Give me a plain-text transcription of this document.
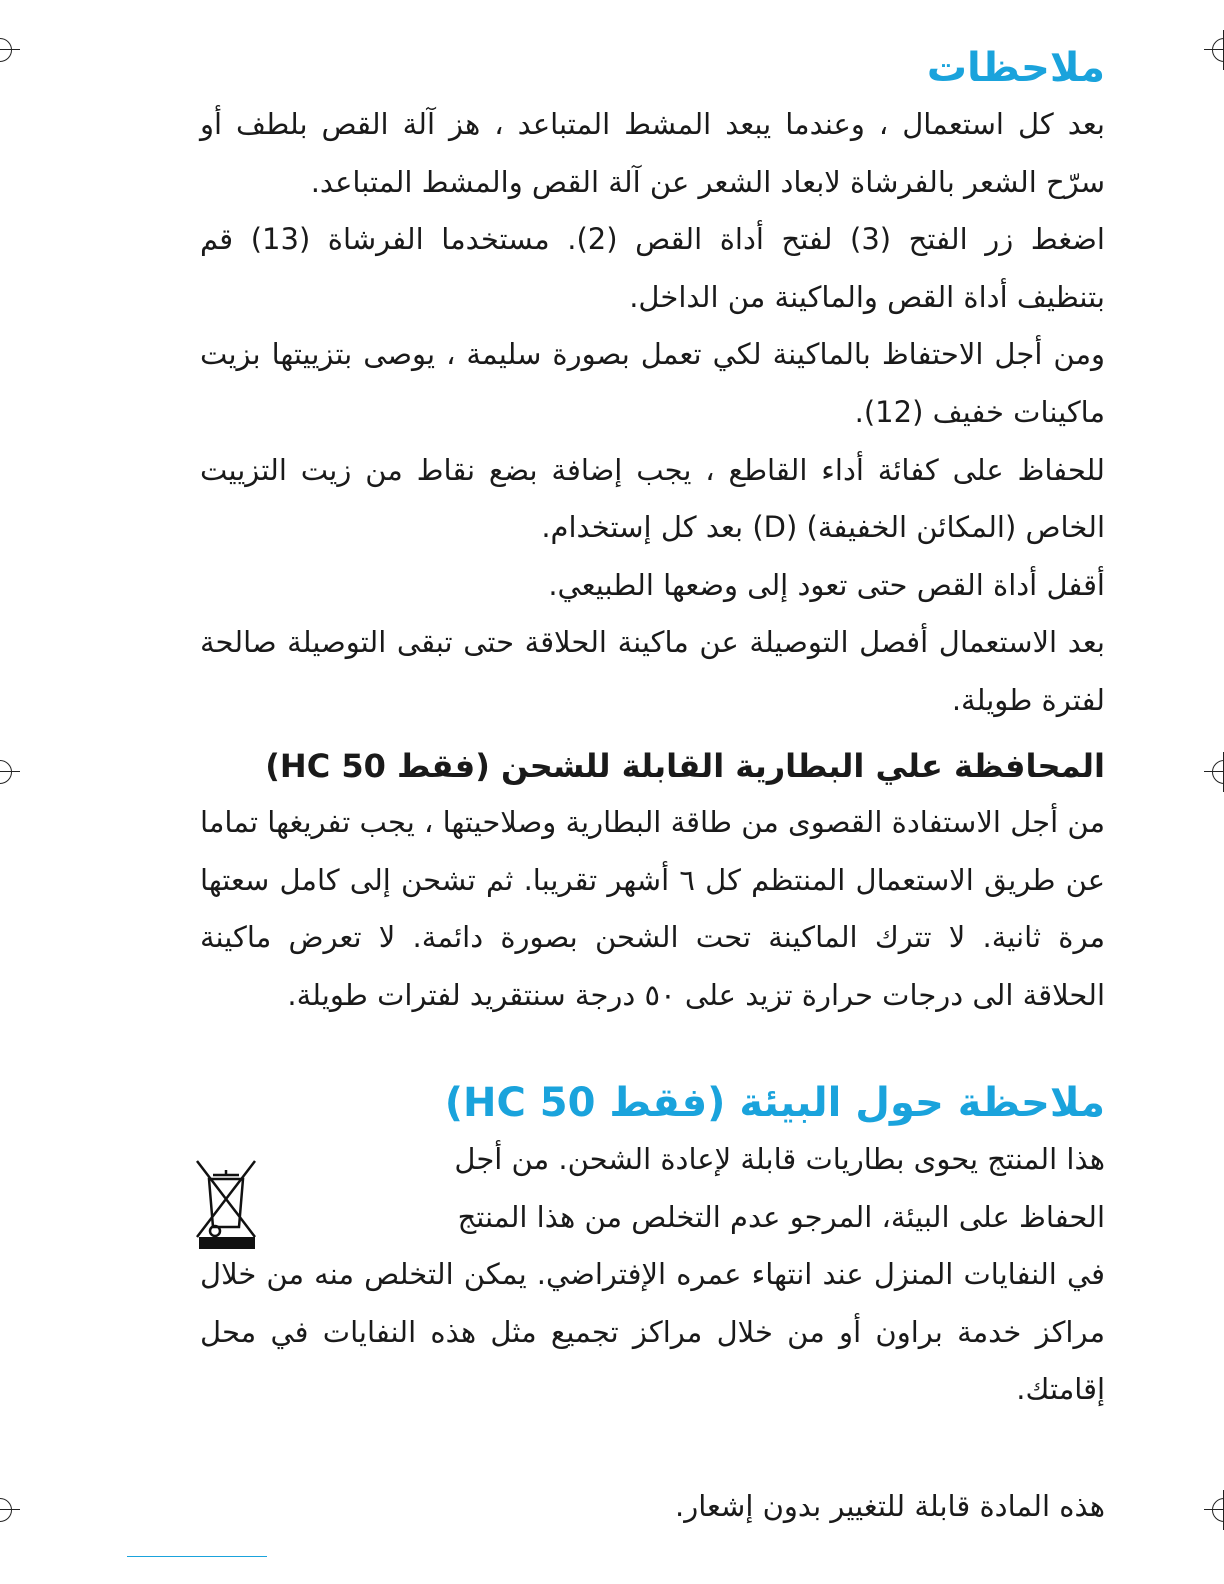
ملاحظات

بعد كل استعمال ، وعندما يبعد المشط المتباعد ، هز آلة القص بلطف أو سرّح الشعر بالفرشاة لابعاد الشعر عن آلة القص والمشط المتباعد.

اضغط زر الفتح (3) لفتح أداة القص (2). مستخدما الفرشاة (13) قم بتنظيف أداة القص والماكينة من الداخل.

ومن أجل الاحتفاظ بالماكينة لكي تعمل بصورة سليمة ، يوصى بتزييتها بزيت ماكينات خفيف (12).

للحفاظ على كفائة أداء القاطع ، يجب إضافة بضع نقاط من زيت التزييت الخاص (المكائن الخفيفة) (D) بعد كل إستخدام.

أقفل أداة القص حتى تعود إلى وضعها الطبيعي.

بعد الاستعمال أفصل التوصيلة عن ماكينة الحلاقة حتى تبقى التوصيلة صالحة لفترة طويلة.

المحافظة علي البطارية القابلة للشحن (فقط HC 50)

من أجل الاستفادة القصوى من طاقة البطارية وصلاحيتها ، يجب تفريغها تماما عن طريق الاستعمال المنتظم كل ٦ أشهر تقريبا. ثم تشحن إلى كامل سعتها مرة ثانية. لا تترك الماكينة تحت الشحن بصورة دائمة. لا تعرض ماكينة الحلاقة الى درجات حرارة تزيد على ٥٠ درجة سنتقريد لفترات طويلة.

ملاحظة حول البيئة (فقط HC 50)

هذا المنتج يحوى بطاريات قابلة لإعادة الشحن. من أجل الحفاظ على البيئة، المرجو عدم التخلص من هذا المنتج

في النفايات المنزل عند انتهاء عمره الإفتراضي. يمكن التخلص منه من خلال مراكز خدمة براون أو من خلال مراكز تجميع مثل هذه النفايات في محل إقامتك.

هذه المادة قابلة للتغيير بدون إشعار.
